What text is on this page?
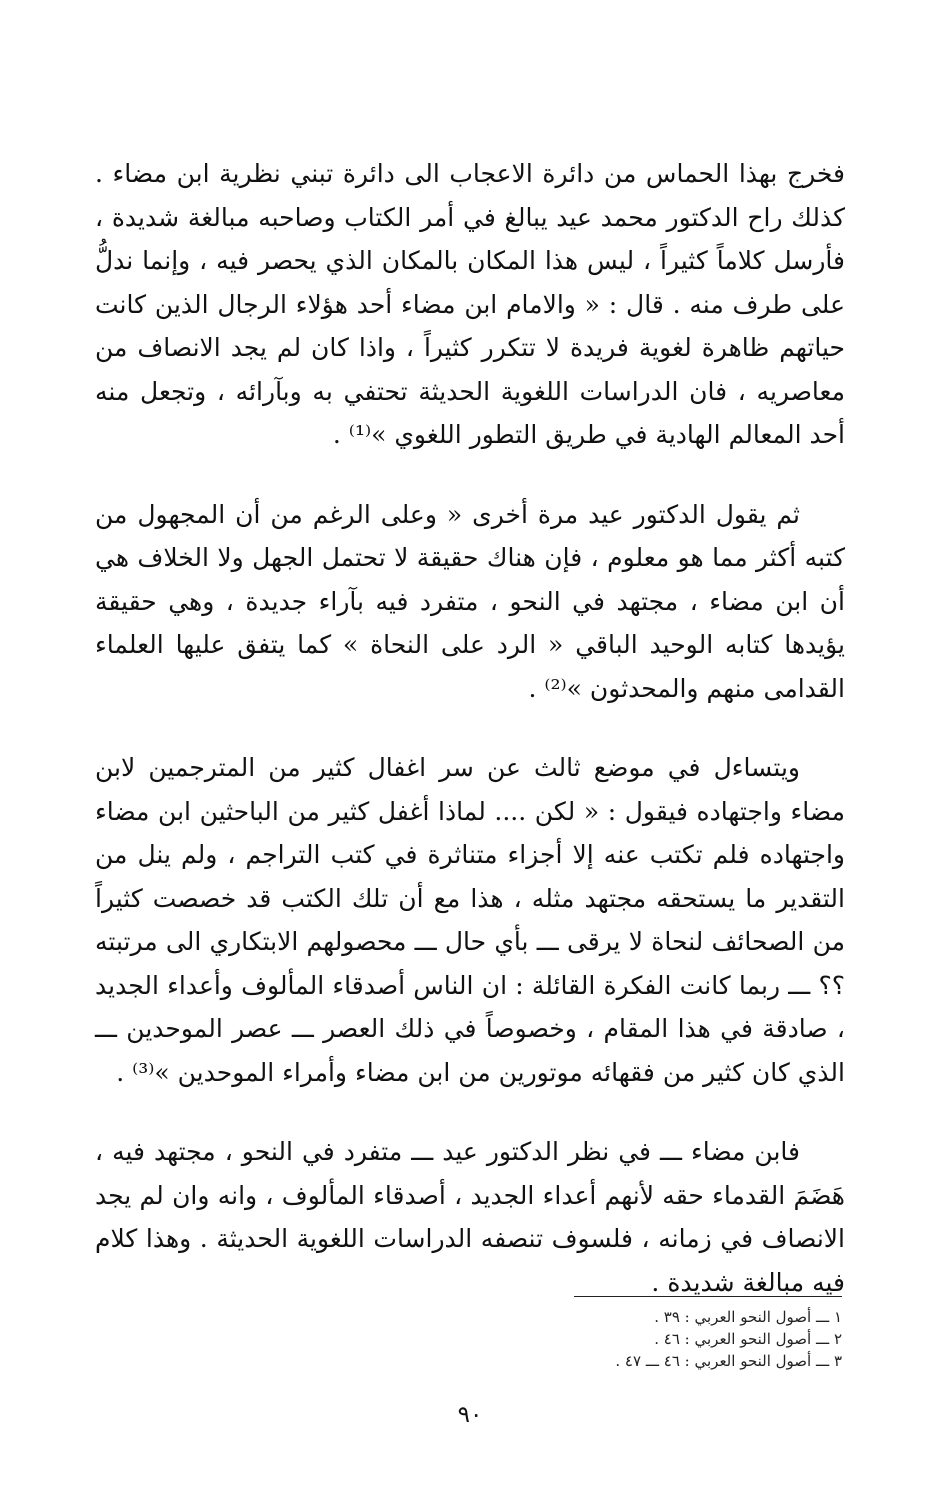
فخرج بهذا الحماس من دائرة الاعجاب الى دائرة تبني نظرية ابن مضاء . كذلك راح الدكتور محمد عيد يبالغ في أمر الكتاب وصاحبه مبالغة شديدة ، فأرسل كلاماً كثيراً ، ليس هذا المكان بالمكان الذي يحصر فيه ، وإنما ندلُّ على طرف منه . قال : « والامام ابن مضاء أحد هؤلاء الرجال الذين كانت حياتهم ظاهرة لغوية فريدة لا تتكرر كثيراً ، واذا كان لم يجد الانصاف من معاصريه ، فان الدراسات اللغوية الحديثة تحتفي به وبآرائه ، وتجعل منه أحد المعالم الهادية في طريق التطور اللغوي »⁽¹⁾ .

ثم يقول الدكتور عيد مرة أخرى « وعلى الرغم من أن المجهول من كتبه أكثر مما هو معلوم ، فإن هناك حقيقة لا تحتمل الجهل ولا الخلاف هي أن ابن مضاء ، مجتهد في النحو ، متفرد فيه بآراء جديدة ، وهي حقيقة يؤيدها كتابه الوحيد الباقي « الرد على النحاة » كما يتفق عليها العلماء القدامى منهم والمحدثون »⁽²⁾ .

ويتساءل في موضع ثالث عن سر اغفال كثير من المترجمين لابن مضاء واجتهاده فيقول : « لكن .... لماذا أغفل كثير من الباحثين ابن مضاء واجتهاده فلم تكتب عنه إلا أجزاء متناثرة في كتب التراجم ، ولم ينل من التقدير ما يستحقه مجتهد مثله ، هذا مع أن تلك الكتب قد خصصت كثيراً من الصحائف لنحاة لا يرقى ـــ بأي حال ـــ محصولهم الابتكاري الى مرتبته ؟؟ ـــ ربما كانت الفكرة القائلة : ان الناس أصدقاء المألوف وأعداء الجديد ، صادقة في هذا المقام ، وخصوصاً في ذلك العصر ـــ عصر الموحدين ـــ الذي كان كثير من فقهائه موتورين من ابن مضاء وأمراء الموحدين »⁽³⁾ .

فابن مضاء ـــ في نظر الدكتور عيد ـــ متفرد في النحو ، مجتهد فيه ، هَضَمَ القدماء حقه لأنهم أعداء الجديد ، أصدقاء المألوف ، وانه وان لم يجد الانصاف في زمانه ، فلسوف تنصفه الدراسات اللغوية الحديثة . وهذا كلام فيه مبالغة شديدة .

١ ـــ أصول النحو العربي : ٣٩ .
٢ ـــ أصول النحو العربي : ٤٦ .
٣ ـــ أصول النحو العربي : ٤٦ ـــ ٤٧ .
٩٠
